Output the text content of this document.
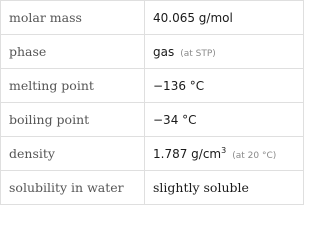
molar mass	40.065 g/mol
phase	gas (at STP)
melting point	−136 °C
boiling point	−34 °C
density	1.787 $g/cm^3(at$ 20 °C)
solubility in water	slightly soluble
